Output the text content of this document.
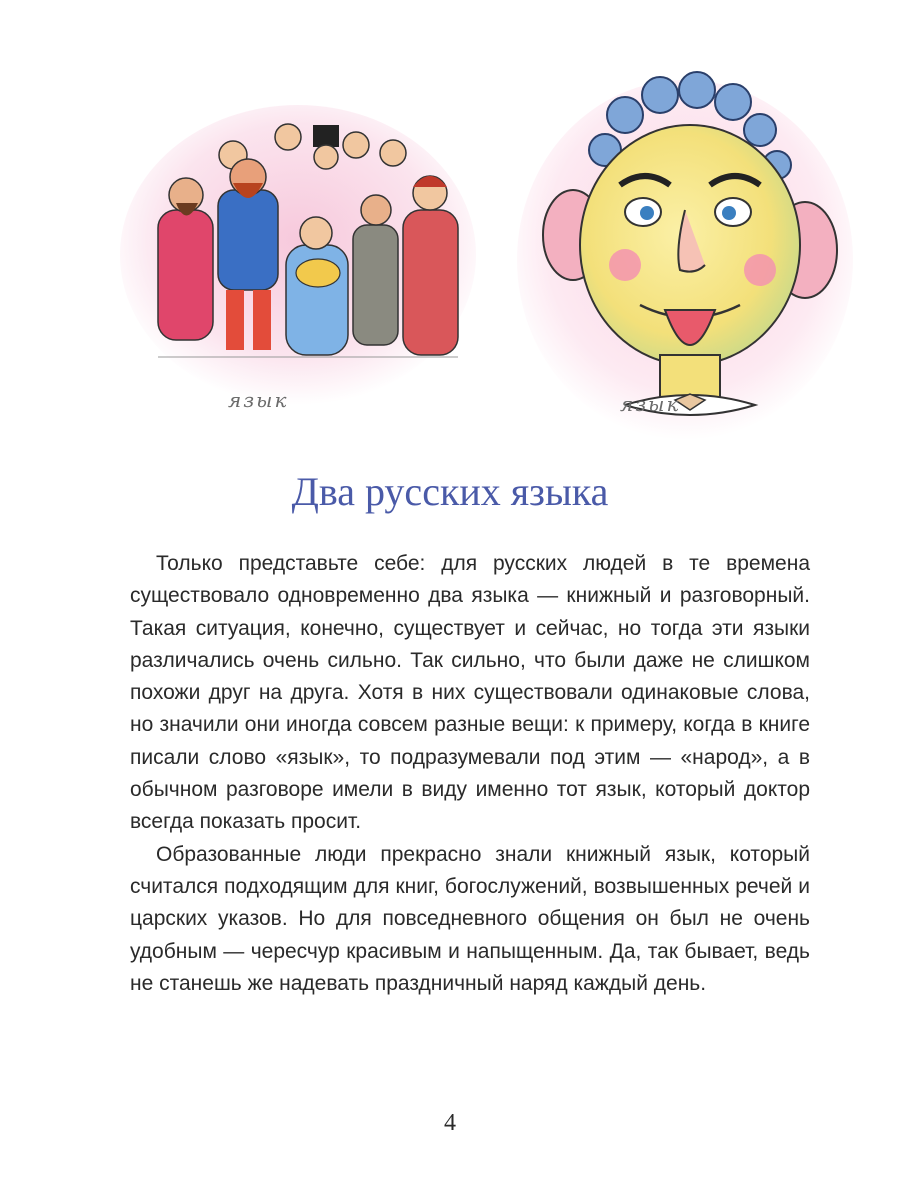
язык	язык
Два русских языка

Только представьте себе: для русских людей в те времена существовало одновременно два языка — книжный и разговорный. Такая ситуация, конечно, существует и сейчас, но тогда эти языки различались очень сильно. Так сильно, что были даже не слишком похожи друг на друга. Хотя в них существовали одинаковые слова, но значили они иногда совсем разные вещи: к примеру, когда в книге писали слово «язык», то подразумевали под этим — «народ», а в обычном разговоре имели в виду именно тот язык, который доктор всегда показать просит.

Образованные люди прекрасно знали книжный язык, который считался подходящим для книг, богослужений, возвышенных речей и царских указов. Но для повседневного общения он был не очень удобным — чересчур красивым и напыщенным. Да, так бывает, ведь не станешь же надевать праздничный наряд каждый день.

4
